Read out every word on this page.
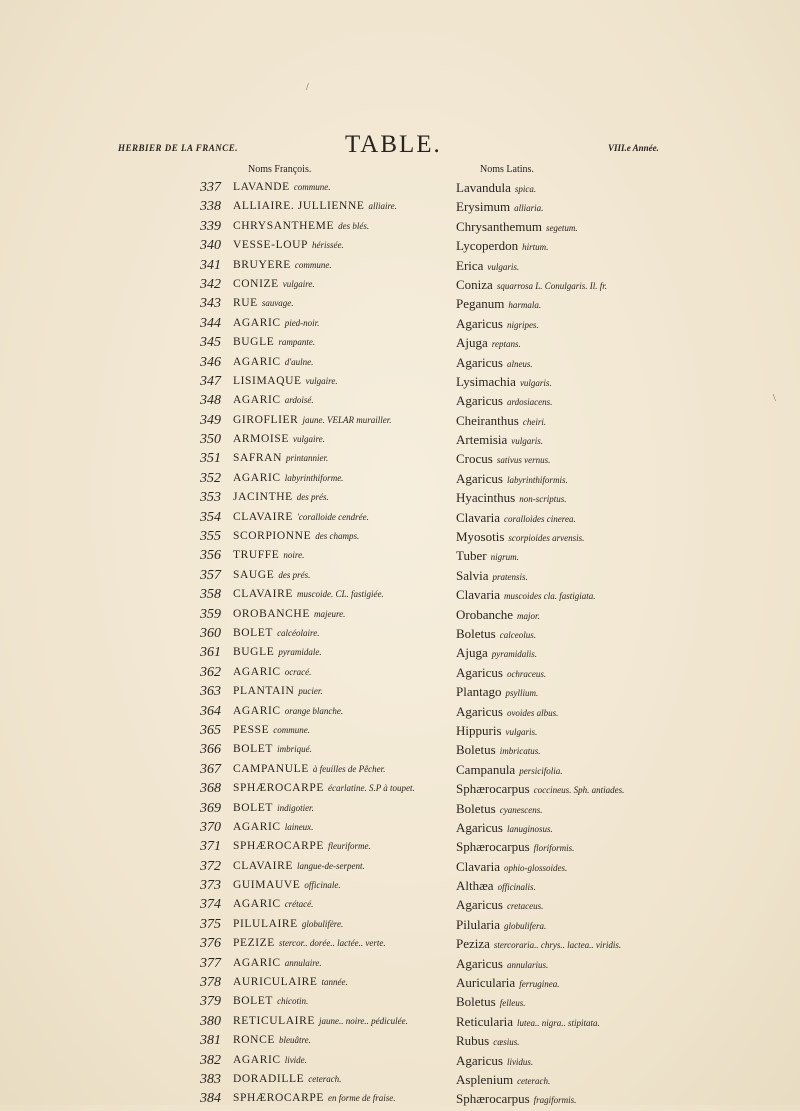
HERBIER DE LA FRANCE.	TABLE.	VIII.e Année.
Noms François.	Noms Latins.
337	LAVANDE commune.	Lavandula spica.
338	ALLIAIRE. JULLIENNE alliaire.	Erysimum alliaria.
339	CHRYSANTHEME des blés.	Chrysanthemum segetum.
340	VESSE-LOUP hérissée.	Lycoperdon hirtum.
341	BRUYERE commune.	Erica vulgaris.
342	CONIZE vulgaire.	Coniza squarrosa L. Conulgaris. Il. fr.
343	RUE sauvage.	Peganum harmala.
344	AGARIC pied-noir.	Agaricus nigripes.
345	BUGLE rampante.	Ajuga reptans.
346	AGARIC d'aulne.	Agaricus alneus.
347	LISIMAQUE vulgaire.	Lysimachia vulgaris.
348	AGARIC ardoisé.	Agaricus ardosiacens.
349	GIROFLIER jaune. VELAR murailler.	Cheiranthus cheiri.
350	ARMOISE vulgaire.	Artemisia vulgaris.
351	SAFRAN printannier.	Crocus sativus vernus.
352	AGARIC labyrinthiforme.	Agaricus labyrinthiformis.
353	JACINTHE des prés.	Hyacinthus non-scriptus.
354	CLAVAIRE 'coralloide cendrée.	Clavaria coralloides cinerea.
355	SCORPIONNE des champs.	Myosotis scorpioides arvensis.
356	TRUFFE noire.	Tuber nigrum.
357	SAUGE des prés.	Salvia pratensis.
358	CLAVAIRE muscoide. CL. fastigiée.	Clavaria muscoides cla. fastigiata.
359	OROBANCHE majeure.	Orobanche major.
360	BOLET calcéolaire.	Boletus calceolus.
361	BUGLE pyramidale.	Ajuga pyramidalis.
362	AGARIC ocracé.	Agaricus ochraceus.
363	PLANTAIN pucier.	Plantago psyllium.
364	AGARIC orange blanche.	Agaricus ovoides albus.
365	PESSE commune.	Hippuris vulgaris.
366	BOLET imbriqué.	Boletus imbricatus.
367	CAMPANULE à feuilles de Pêcher.	Campanula persicifolia.
368	SPHÆROCARPE écarlatine. S.P à toupet.	Sphærocarpus coccineus. Sph. antiades.
369	BOLET indigotier.	Boletus cyanescens.
370	AGARIC laineux.	Agaricus lanuginosus.
371	SPHÆROCARPE fleuriforme.	Sphærocarpus floriformis.
372	CLAVAIRE langue-de-serpent.	Clavaria ophio-glossoides.
373	GUIMAUVE officinale.	Althæa officinalis.
374	AGARIC crétacé.	Agaricus cretaceus.
375	PILULAIRE globulifère.	Pilularia globulifera.
376	PEZIZE stercor.. dorée.. lactée.. verte.	Peziza stercoraria.. chrys.. lactea.. viridis.
377	AGARIC annulaire.	Agaricus annularius.
378	AURICULAIRE tannée.	Auricularia ferruginea.
379	BOLET chicotin.	Boletus felleus.
380	RETICULAIRE jaune.. noire.. pédiculée.	Reticularia lutea.. nigra.. stipitata.
381	RONCE bleuâtre.	Rubus cæsius.
382	AGARIC livide.	Agaricus lividus.
383	DORADILLE ceterach.	Asplenium ceterach.
384	SPHÆROCARPE en forme de fraise.	Sphærocarpus fragiformis.
/
\
